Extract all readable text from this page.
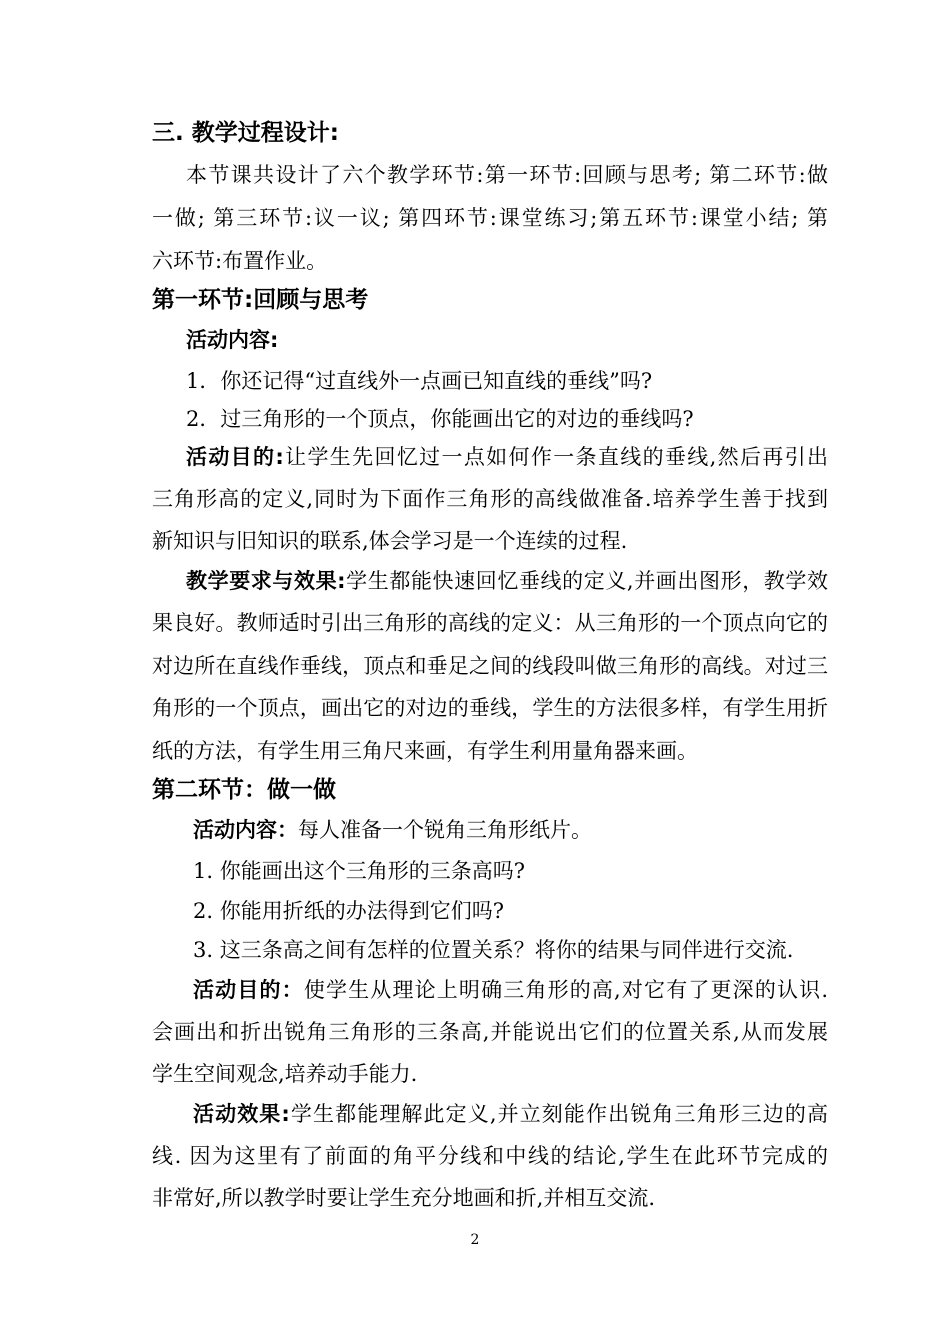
三. 教学过程设计:
本节课共设计了六个教学环节:第一环节:回顾与思考; 第二环节:做
一做; 第三环节:议一议; 第四环节:课堂练习;第五环节:课堂小结; 第
六环节:布置作业。
第一环节:回顾与思考
活动内容:
1．你还记得“过直线外一点画已知直线的垂线”吗?
2．过三角形的一个顶点，你能画出它的对边的垂线吗?
活动目的:让学生先回忆过一点如何作一条直线的垂线,然后再引出
三角形高的定义,同时为下面作三角形的高线做准备.培养学生善于找到
新知识与旧知识的联系,体会学习是一个连续的过程.
教学要求与效果:学生都能快速回忆垂线的定义,并画出图形，教学效
果良好。教师适时引出三角形的高线的定义：从三角形的一个顶点向它的
对边所在直线作垂线，顶点和垂足之间的线段叫做三角形的高线。对过三
角形的一个顶点，画出它的对边的垂线，学生的方法很多样，有学生用折
纸的方法，有学生用三角尺来画，有学生利用量角器来画。
第二环节：做一做
活动内容：每人准备一个锐角三角形纸片。
1. 你能画出这个三角形的三条高吗?
2. 你能用折纸的办法得到它们吗?
3. 这三条高之间有怎样的位置关系？将你的结果与同伴进行交流.
活动目的：使学生从理论上明确三角形的高,对它有了更深的认识.
会画出和折出锐角三角形的三条高,并能说出它们的位置关系,从而发展
学生空间观念,培养动手能力.
活动效果:学生都能理解此定义,并立刻能作出锐角三角形三边的高
线. 因为这里有了前面的角平分线和中线的结论,学生在此环节完成的
非常好,所以教学时要让学生充分地画和折,并相互交流.
2
